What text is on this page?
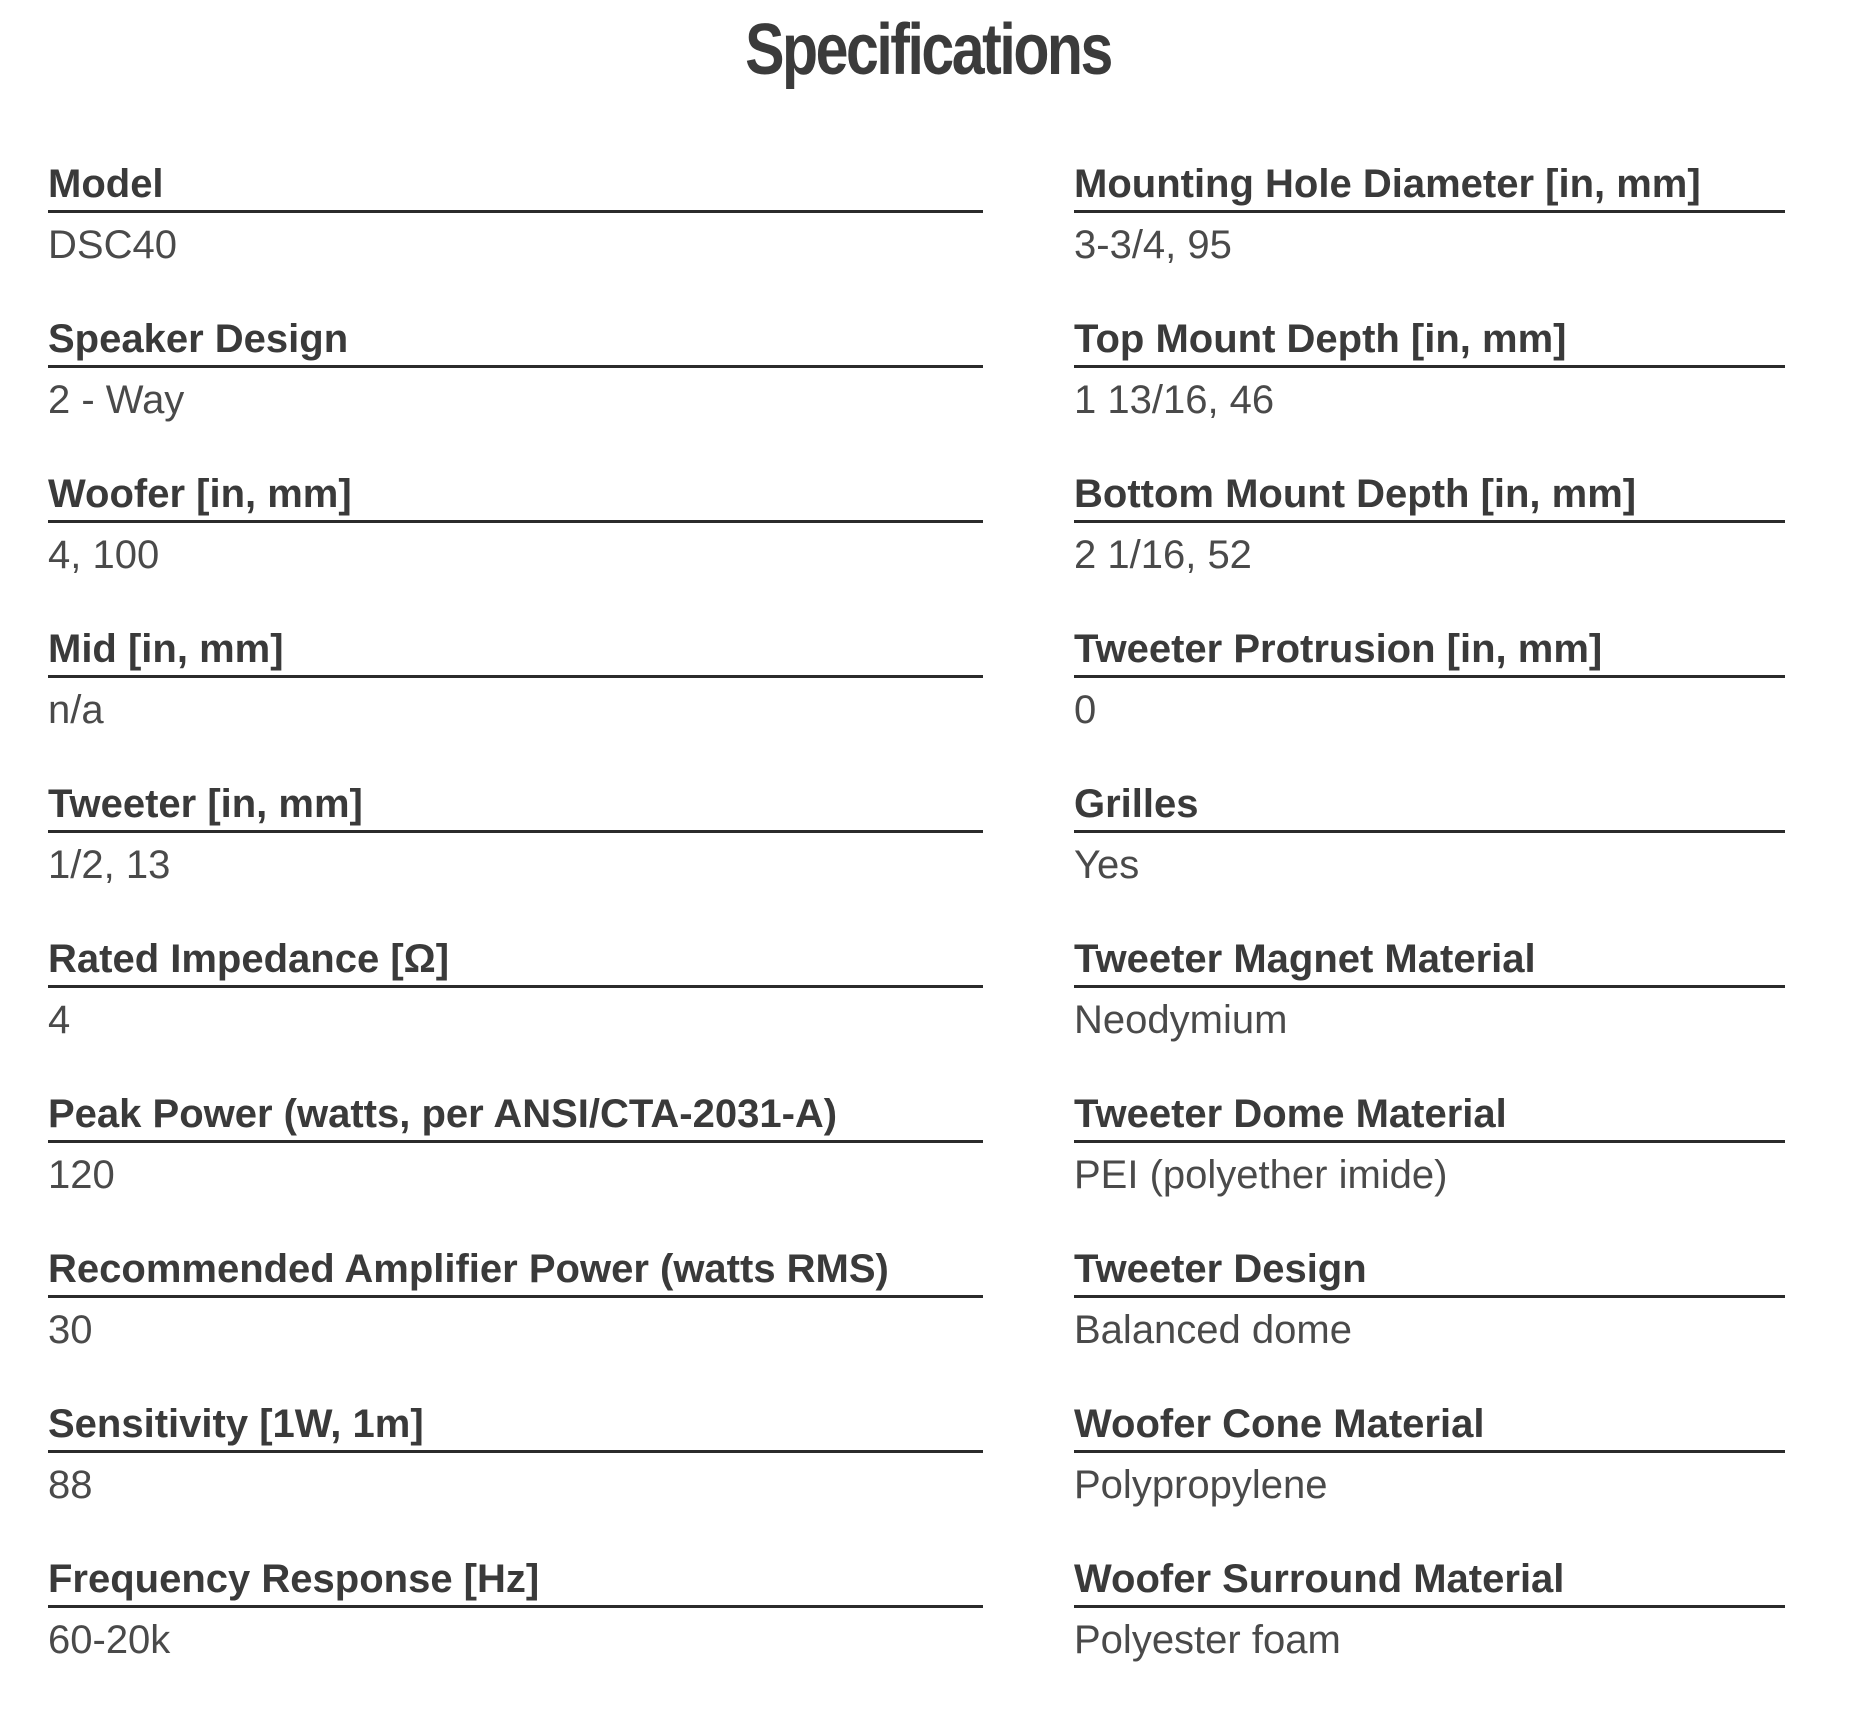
Specifications
Model
DSC40
Speaker Design
2 - Way
Woofer [in, mm]
4, 100
Mid [in, mm]
n/a
Tweeter [in, mm]
1/2, 13
Rated Impedance [Ω]
4
Peak Power (watts, per ANSI/CTA-2031-A)
120
Recommended Amplifier Power (watts RMS)
30
Sensitivity [1W, 1m]
88
Frequency Response [Hz]
60-20k
Mounting Hole Diameter [in, mm]
3-3/4, 95
Top Mount Depth [in, mm]
1 13/16, 46
Bottom Mount Depth [in, mm]
2 1/16, 52
Tweeter Protrusion [in, mm]
0
Grilles
Yes
Tweeter Magnet Material
Neodymium
Tweeter Dome Material
PEI (polyether imide)
Tweeter Design
Balanced dome
Woofer Cone Material
Polypropylene
Woofer Surround Material
Polyester foam
